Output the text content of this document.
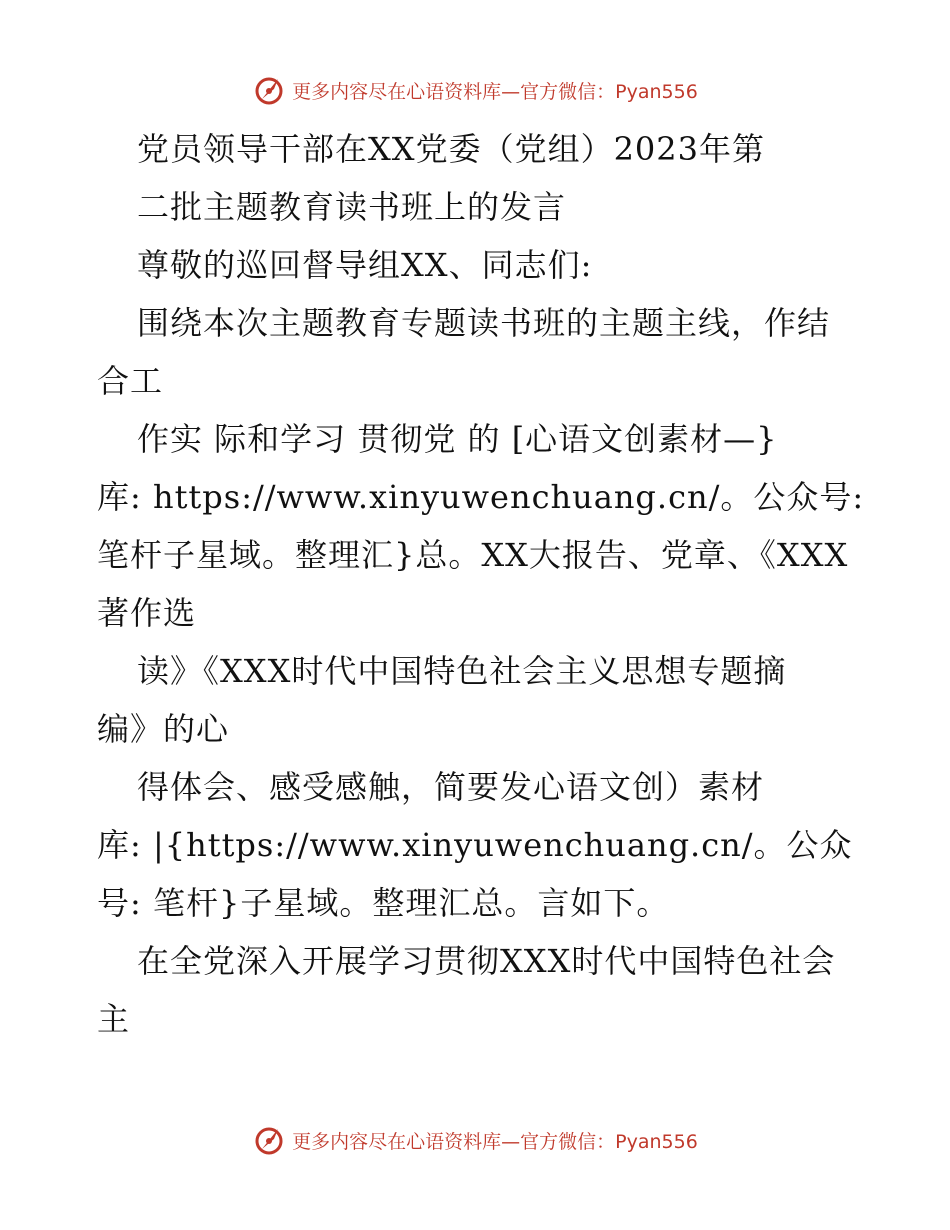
更多内容尽在心语资料库—官方微信：Pyan556
党员领导干部在XX党委（党组）2023年第
二批主题教育读书班上的发言
尊敬的巡回督导组XX、同志们:
围绕本次主题教育专题读书班的主题主线，作结
合工
作实 际和学习 贯彻党 的 [心语文创素材—}
库: https://www.xinyuwenchuang.cn/。公众号:
笔杆子星域。整理汇}总。XX大报告、党章、《XXX
著作选
读》《XXX时代中国特色社会主义思想专题摘
编》的心
得体会、感受感触，简要发心语文创）素材
库: |{https://www.xinyuwenchuang.cn/。公众
号: 笔杆}子星域。整理汇总。言如下。
在全党深入开展学习贯彻XXX时代中国特色社会
主
更多内容尽在心语资料库—官方微信：Pyan556
